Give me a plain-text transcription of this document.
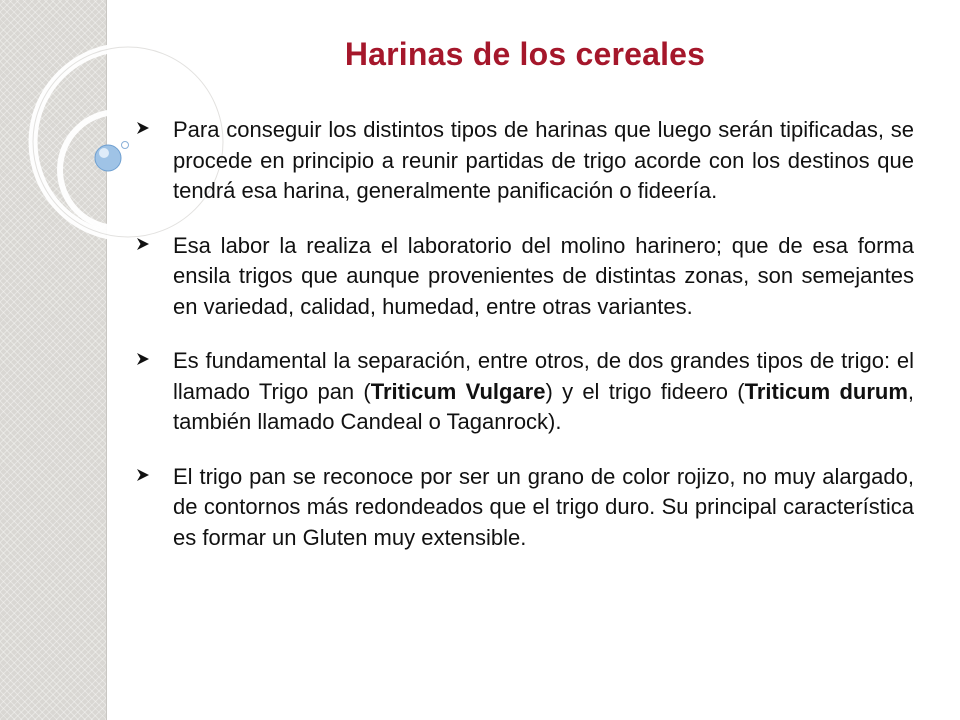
Harinas de los cereales
Para conseguir los distintos tipos de harinas que luego serán tipificadas, se procede en principio a reunir partidas de trigo acorde con los destinos que tendrá esa harina, generalmente panificación o fideería.
Esa labor la realiza el laboratorio del molino harinero; que de esa forma ensila trigos que aunque provenientes de distintas zonas, son semejantes en variedad, calidad, humedad, entre otras variantes.
Es fundamental la separación, entre otros, de dos grandes tipos de trigo: el llamado Trigo pan (Triticum Vulgare) y el trigo fideero (Triticum durum, también llamado Candeal o Taganrock).
El trigo pan se reconoce por ser un grano de color rojizo, no muy alargado, de contornos más redondeados que el trigo duro. Su principal característica es formar un Gluten muy extensible.
